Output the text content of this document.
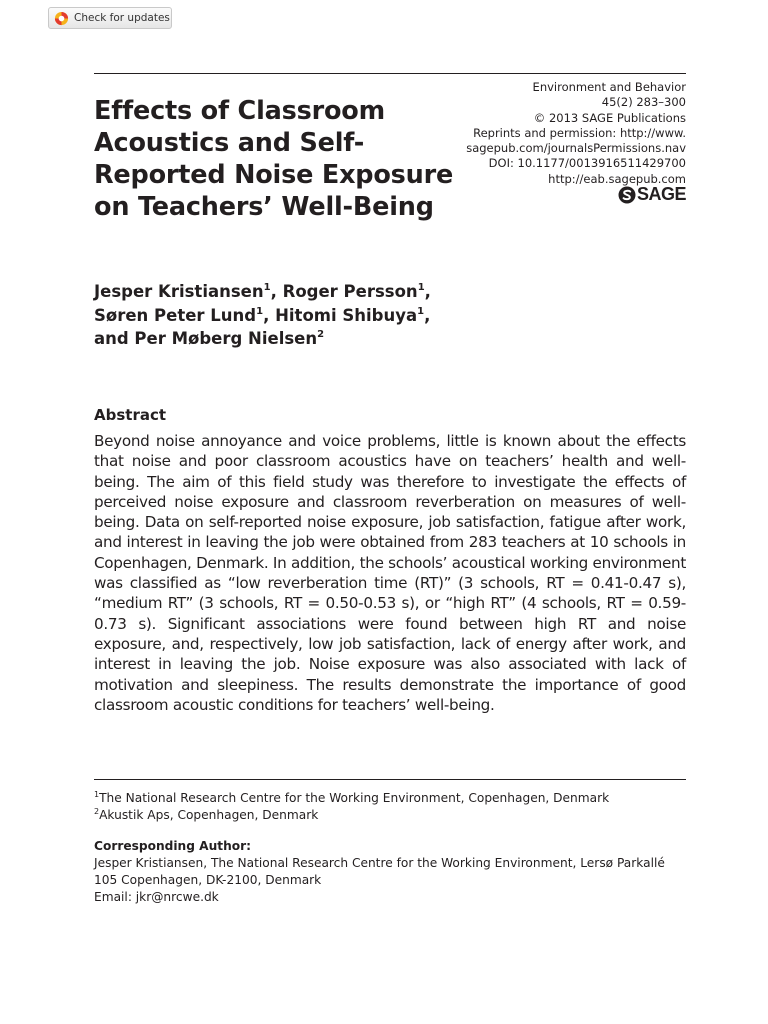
Check for updates
Effects of Classroom Acoustics and Self-Reported Noise Exposure on Teachers’ Well-Being
Environment and Behavior
45(2) 283–300
© 2013 SAGE Publications
Reprints and permission: http://www.
sagepub.com/journalsPermissions.nav
DOI: 10.1177/0013916511429700
http://eab.sagepub.com
SAGE
Jesper Kristiansen$^1$, Roger Persson$^1$,
Søren Peter Lund$^1$, Hitomi Shibuya$^1$,
and Per Møberg Nielsen$^2$
Abstract
Beyond noise annoyance and voice problems, little is known about the effects that noise and poor classroom acoustics have on teachers’ health and well-being. The aim of this field study was therefore to investigate the effects of perceived noise exposure and classroom reverberation on measures of well-being. Data on self-reported noise exposure, job satisfaction, fatigue after work, and interest in leaving the job were obtained from 283 teachers at 10 schools in Copenhagen, Denmark. In addition, the schools’ acoustical working environment was classified as “low reverberation time (RT)” (3 schools, RT = 0.41-0.47 s), “medium RT” (3 schools, RT = 0.50-0.53 s), or “high RT” (4 schools, RT = 0.59-0.73 s). Significant associations were found between high RT and noise exposure, and, respectively, low job satisfaction, lack of energy after work, and interest in leaving the job. Noise exposure was also associated with lack of motivation and sleepiness. The results demonstrate the importance of good classroom acoustic conditions for teachers’ well-being.
$^1$The National Research Centre for the Working Environment, Copenhagen, Denmark
$^2$Akustik Aps, Copenhagen, Denmark
Corresponding Author:
Jesper Kristiansen, The National Research Centre for the Working Environment, Lersø Parkallé
105 Copenhagen, DK-2100, Denmark
Email: jkr@nrcwe.dk
